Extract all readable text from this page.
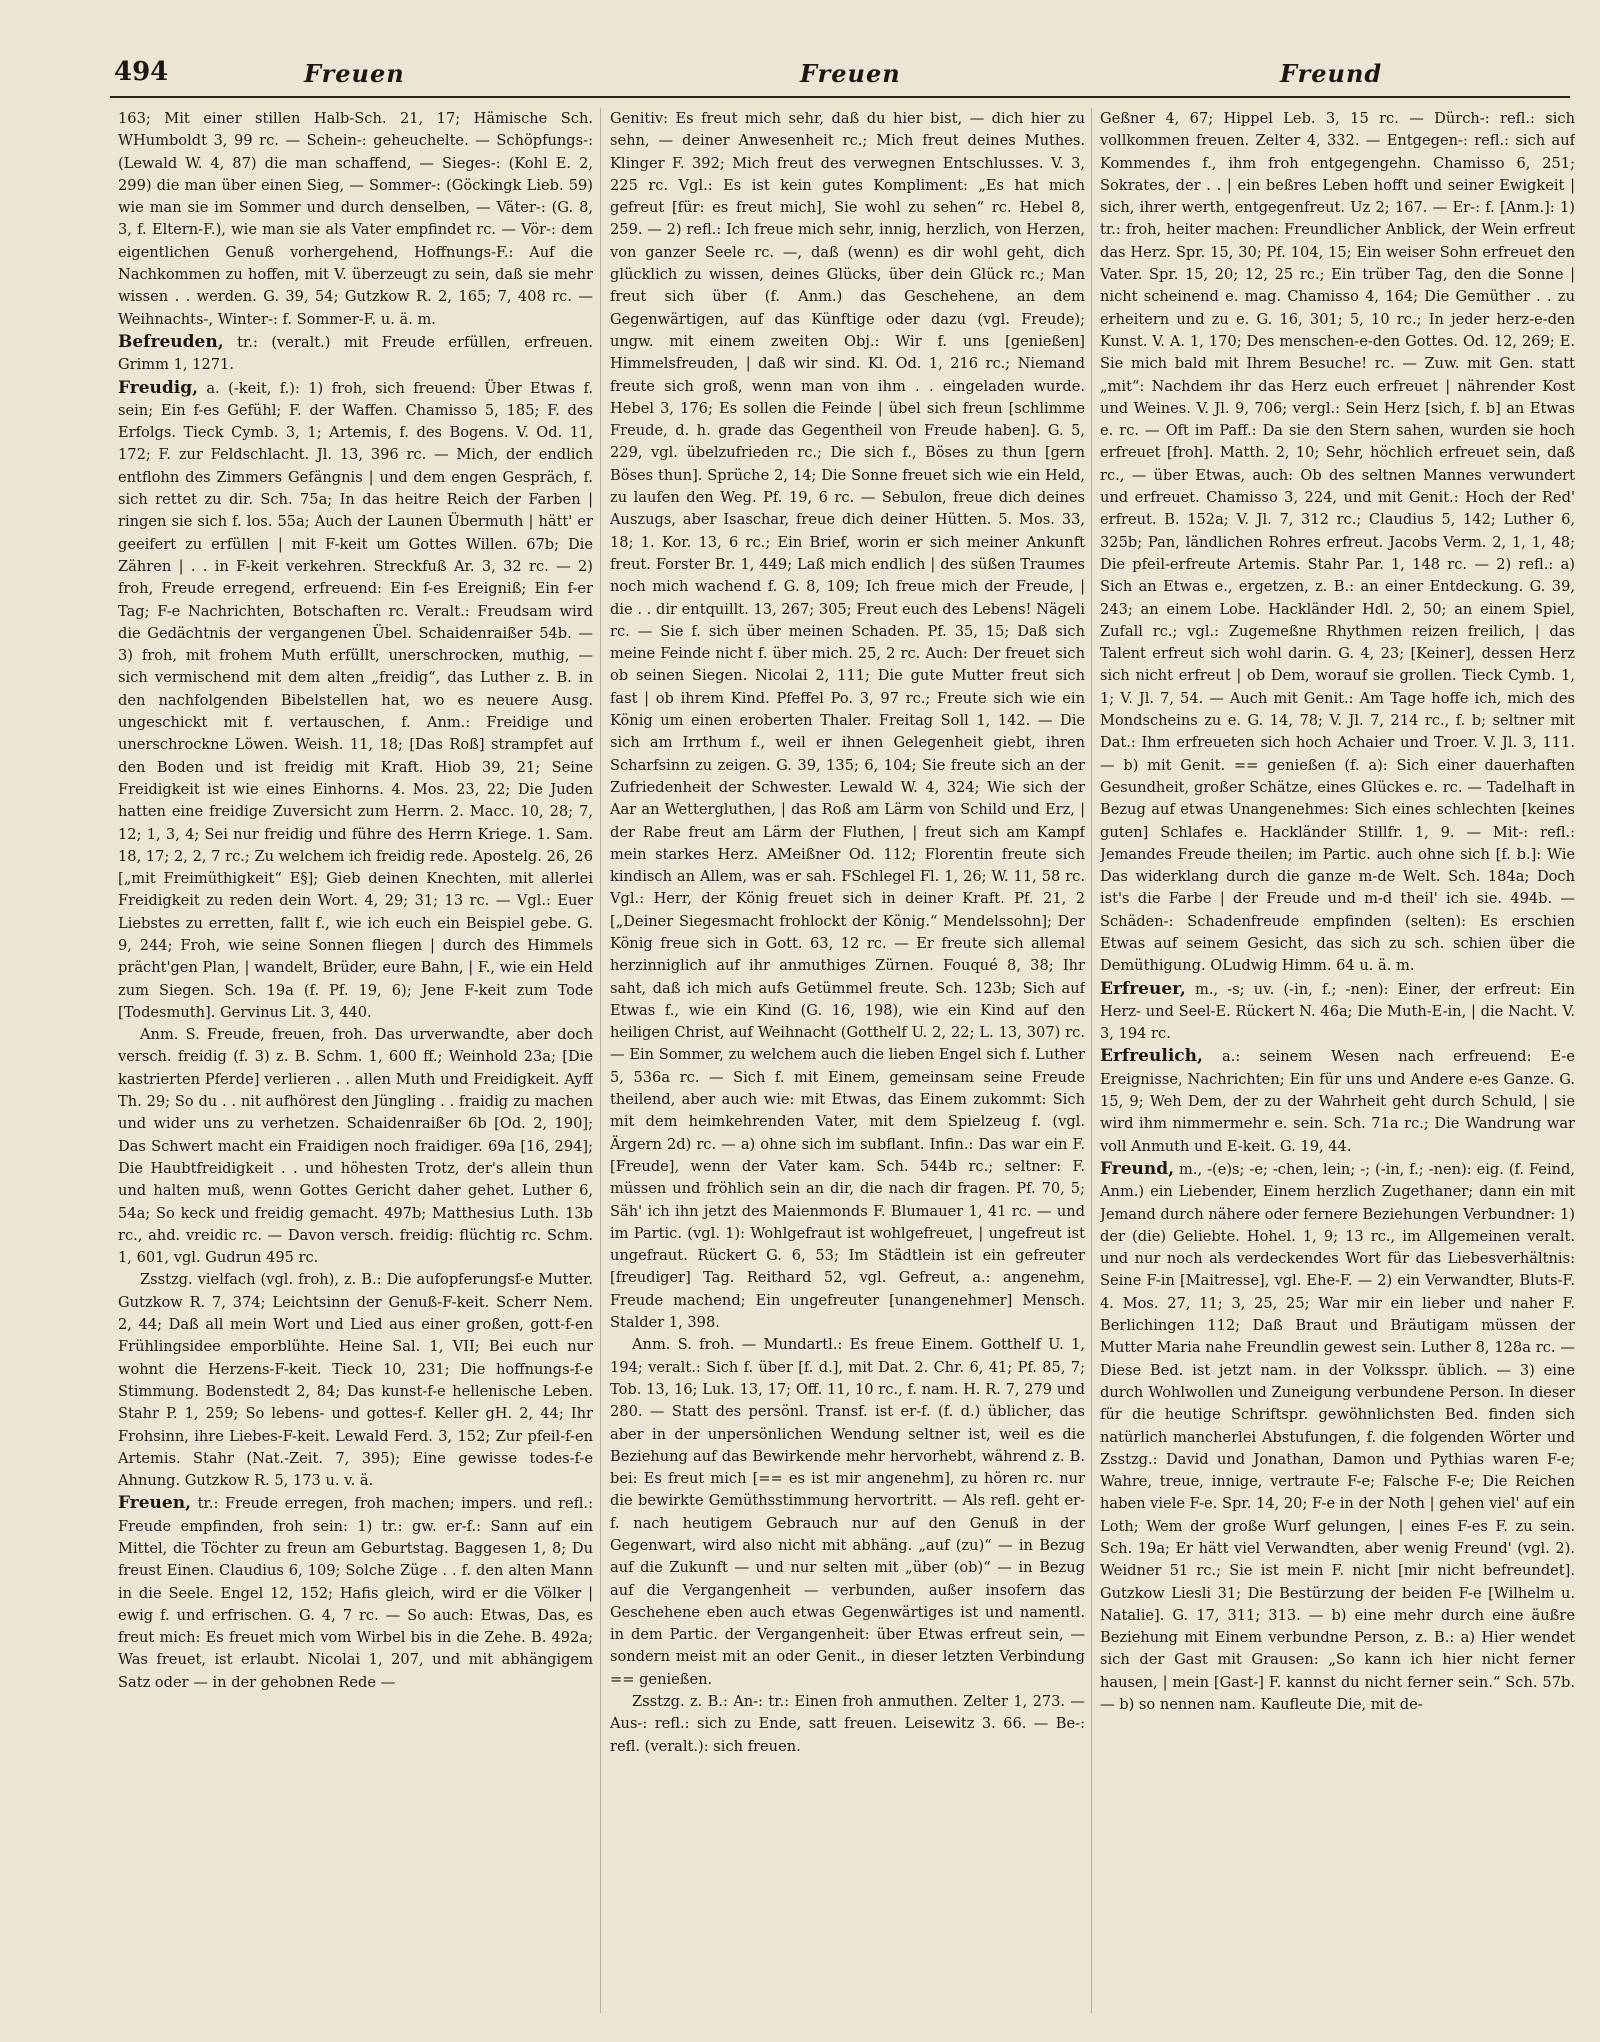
494	Freuen	Freuen	Freund

163; Mit einer stillen Halb-Sch. 21, 17; Hämische Sch. WHumboldt 3, 99 rc. — Schein-: geheuchelte. — Schöpfungs-: (Lewald W. 4, 87) die man schaffend, — Sieges-: (Kohl E. 2, 299) die man über einen Sieg, — Sommer-: (Göckingk Lieb. 59) wie man sie im Sommer und durch denselben, — Väter-: (G. 8, 3, f. Eltern-F.), wie man sie als Vater empfindet rc. — Vör-: dem eigentlichen Genuß vorhergehend, Hoffnungs-F.: Auf die Nachkommen zu hoffen, mit V. überzeugt zu sein, daß sie mehr wissen . . werden. G. 39, 54; Gutzkow R. 2, 165; 7, 408 rc. — Weihnachts-, Winter-: f. Sommer-F. u. ä. m.

Befreuden, tr.: (veralt.) mit Freude erfüllen, erfreuen. Grimm 1, 1271.

Freudig, a. (-keit, f.): 1) froh, sich freuend: Über Etwas f. sein; Ein f-es Gefühl; F. der Waffen. Chamisso 5, 185; F. des Erfolgs. Tieck Cymb. 3, 1; Artemis, f. des Bogens. V. Od. 11, 172; F. zur Feldschlacht. Jl. 13, 396 rc. — Mich, der endlich entflohn des Zimmers Gefängnis | und dem engen Gespräch, f. sich rettet zu dir. Sch. 75a; In das heitre Reich der Farben | ringen sie sich f. los. 55a; Auch der Launen Übermuth | hätt' er geeifert zu erfüllen | mit F-keit um Gottes Willen. 67b; Die Zähren | . . in F-keit verkehren. Streckfuß Ar. 3, 32 rc. — 2) froh, Freude erregend, erfreuend: Ein f-es Ereigniß; Ein f-er Tag; F-e Nachrichten, Botschaften rc. Veralt.: Freudsam wird die Gedächtnis der vergangenen Übel. Schaidenraißer 54b. — 3) froh, mit frohem Muth erfüllt, unerschrocken, muthig, — sich vermischend mit dem alten „freidig“, das Luther z. B. in den nachfolgenden Bibelstellen hat, wo es neuere Ausg. ungeschickt mit f. vertauschen, f. Anm.: Freidige und unerschrockne Löwen. Weish. 11, 18; [Das Roß] strampfet auf den Boden und ist freidig mit Kraft. Hiob 39, 21; Seine Freidigkeit ist wie eines Einhorns. 4. Mos. 23, 22; Die Juden hatten eine freidige Zuversicht zum Herrn. 2. Macc. 10, 28; 7, 12; 1, 3, 4; Sei nur freidig und führe des Herrn Kriege. 1. Sam. 18, 17; 2, 2, 7 rc.; Zu welchem ich freidig rede. Apostelg. 26, 26 [„mit Freimüthigkeit“ E§]; Gieb deinen Knechten, mit allerlei Freidigkeit zu reden dein Wort. 4, 29; 31; 13 rc. — Vgl.: Euer Liebstes zu erretten, fallt f., wie ich euch ein Beispiel gebe. G. 9, 244; Froh, wie seine Sonnen fliegen | durch des Himmels prächt'gen Plan, | wandelt, Brüder, eure Bahn, | F., wie ein Held zum Siegen. Sch. 19a (f. Pf. 19, 6); Jene F-keit zum Tode [Todesmuth]. Gervinus Lit. 3, 440.

Anm. S. Freude, freuen, froh. Das urverwandte, aber doch versch. freidig (f. 3) z. B. Schm. 1, 600 ff.; Weinhold 23a; [Die kastrierten Pferde] verlieren . . allen Muth und Freidigkeit. Ayff Th. 29; So du . . nit aufhörest den Jüngling . . fraidig zu machen und wider uns zu verhetzen. Schaidenraißer 6b [Od. 2, 190]; Das Schwert macht ein Fraidigen noch fraidiger. 69a [16, 294]; Die Haubtfreidigkeit . . und höhesten Trotz, der's allein thun und halten muß, wenn Gottes Gericht daher gehet. Luther 6, 54a; So keck und freidig gemacht. 497b; Matthesius Luth. 13b rc., ahd. vreidic rc. — Davon versch. freidig: flüchtig rc. Schm. 1, 601, vgl. Gudrun 495 rc.

Zsstzg. vielfach (vgl. froh), z. B.: Die aufopferungsf-e Mutter. Gutzkow R. 7, 374; Leichtsinn der Genuß-F-keit. Scherr Nem. 2, 44; Daß all mein Wort und Lied aus einer großen, gott-f-en Frühlingsidee emporblühte. Heine Sal. 1, VII; Bei euch nur wohnt die Herzens-F-keit. Tieck 10, 231; Die hoffnungs-f-e Stimmung. Bodenstedt 2, 84; Das kunst-f-e hellenische Leben. Stahr P. 1, 259; So lebens- und gottes-f. Keller gH. 2, 44; Ihr Frohsinn, ihre Liebes-F-keit. Lewald Ferd. 3, 152; Zur pfeil-f-en Artemis. Stahr (Nat.-Zeit. 7, 395); Eine gewisse todes-f-e Ahnung. Gutzkow R. 5, 173 u. v. ä.

Freuen, tr.: Freude erregen, froh machen; impers. und refl.: Freude empfinden, froh sein: 1) tr.: gw. er-f.: Sann auf ein Mittel, die Töchter zu freun am Geburtstag. Baggesen 1, 8; Du freust Einen. Claudius 6, 109; Solche Züge . . f. den alten Mann in die Seele. Engel 12, 152; Hafis gleich, wird er die Völker | ewig f. und erfrischen. G. 4, 7 rc. — So auch: Etwas, Das, es freut mich: Es freuet mich vom Wirbel bis in die Zehe. B. 492a; Was freuet, ist erlaubt. Nicolai 1, 207, und mit abhängigem Satz oder — in der gehobnen Rede —

Genitiv: Es freut mich sehr, daß du hier bist, — dich hier zu sehn, — deiner Anwesenheit rc.; Mich freut deines Muthes. Klinger F. 392; Mich freut des verwegnen Entschlusses. V. 3, 225 rc. Vgl.: Es ist kein gutes Kompliment: „Es hat mich gefreut [für: es freut mich], Sie wohl zu sehen“ rc. Hebel 8, 259. — 2) refl.: Ich freue mich sehr, innig, herzlich, von Herzen, von ganzer Seele rc. —, daß (wenn) es dir wohl geht, dich glücklich zu wissen, deines Glücks, über dein Glück rc.; Man freut sich über (f. Anm.) das Geschehene, an dem Gegenwärtigen, auf das Künftige oder dazu (vgl. Freude); ungw. mit einem zweiten Obj.: Wir f. uns [genießen] Himmelsfreuden, | daß wir sind. Kl. Od. 1, 216 rc.; Niemand freute sich groß, wenn man von ihm . . eingeladen wurde. Hebel 3, 176; Es sollen die Feinde | übel sich freun [schlimme Freude, d. h. grade das Gegentheil von Freude haben]. G. 5, 229, vgl. übelzufrieden rc.; Die sich f., Böses zu thun [gern Böses thun]. Sprüche 2, 14; Die Sonne freuet sich wie ein Held, zu laufen den Weg. Pf. 19, 6 rc. — Sebulon, freue dich deines Auszugs, aber Isaschar, freue dich deiner Hütten. 5. Mos. 33, 18; 1. Kor. 13, 6 rc.; Ein Brief, worin er sich meiner Ankunft freut. Forster Br. 1, 449; Laß mich endlich | des süßen Traumes noch mich wachend f. G. 8, 109; Ich freue mich der Freude, | die . . dir entquillt. 13, 267; 305; Freut euch des Lebens! Nägeli rc. — Sie f. sich über meinen Schaden. Pf. 35, 15; Daß sich meine Feinde nicht f. über mich. 25, 2 rc. Auch: Der freuet sich ob seinen Siegen. Nicolai 2, 111; Die gute Mutter freut sich fast | ob ihrem Kind. Pfeffel Po. 3, 97 rc.; Freute sich wie ein König um einen eroberten Thaler. Freitag Soll 1, 142. — Die sich am Irrthum f., weil er ihnen Gelegenheit giebt, ihren Scharfsinn zu zeigen. G. 39, 135; 6, 104; Sie freute sich an der Zufriedenheit der Schwester. Lewald W. 4, 324; Wie sich der Aar an Wettergluthen, | das Roß am Lärm von Schild und Erz, | der Rabe freut am Lärm der Fluthen, | freut sich am Kampf mein starkes Herz. AMeißner Od. 112; Florentin freute sich kindisch an Allem, was er sah. FSchlegel Fl. 1, 26; W. 11, 58 rc. Vgl.: Herr, der König freuet sich in deiner Kraft. Pf. 21, 2 [„Deiner Siegesmacht frohlockt der König.“ Mendelssohn]; Der König freue sich in Gott. 63, 12 rc. — Er freute sich allemal herzinniglich auf ihr anmuthiges Zürnen. Fouqué 8, 38; Ihr saht, daß ich mich aufs Getümmel freute. Sch. 123b; Sich auf Etwas f., wie ein Kind (G. 16, 198), wie ein Kind auf den heiligen Christ, auf Weihnacht (Gotthelf U. 2, 22; L. 13, 307) rc. — Ein Sommer, zu welchem auch die lieben Engel sich f. Luther 5, 536a rc. — Sich f. mit Einem, gemeinsam seine Freude theilend, aber auch wie: mit Etwas, das Einem zukommt: Sich mit dem heimkehrenden Vater, mit dem Spielzeug f. (vgl. Ärgern 2d) rc. — a) ohne sich im subflant. Infin.: Das war ein F. [Freude], wenn der Vater kam. Sch. 544b rc.; seltner: F. müssen und fröhlich sein an dir, die nach dir fragen. Pf. 70, 5; Säh' ich ihn jetzt des Maienmonds F. Blumauer 1, 41 rc. — und im Partic. (vgl. 1): Wohlgefraut ist wohlgefreuet, | ungefreut ist ungefraut. Rückert G. 6, 53; Im Städtlein ist ein gefreuter [freudiger] Tag. Reithard 52, vgl. Gefreut, a.: angenehm, Freude machend; Ein ungefreuter [unangenehmer] Mensch. Stalder 1, 398.

Anm. S. froh. — Mundartl.: Es freue Einem. Gotthelf U. 1, 194; veralt.: Sich f. über [f. d.], mit Dat. 2. Chr. 6, 41; Pf. 85, 7; Tob. 13, 16; Luk. 13, 17; Off. 11, 10 rc., f. nam. H. R. 7, 279 und 280. — Statt des persönl. Transf. ist er-f. (f. d.) üblicher, das aber in der unpersönlichen Wendung seltner ist, weil es die Beziehung auf das Bewirkende mehr hervorhebt, während z. B. bei: Es freut mich [== es ist mir angenehm], zu hören rc. nur die bewirkte Gemüthsstimmung hervortritt. — Als refl. geht er-f. nach heutigem Gebrauch nur auf den Genuß in der Gegenwart, wird also nicht mit abhäng. „auf (zu)“ — in Bezug auf die Zukunft — und nur selten mit „über (ob)“ — in Bezug auf die Vergangenheit — verbunden, außer insofern das Geschehene eben auch etwas Gegenwärtiges ist und namentl. in dem Partic. der Vergangenheit: über Etwas erfreut sein, — sondern meist mit an oder Genit., in dieser letzten Verbindung == genießen.

Zsstzg. z. B.: An-: tr.: Einen froh anmuthen. Zelter 1, 273. — Aus-: refl.: sich zu Ende, satt freuen. Leisewitz 3. 66. — Be-: refl. (veralt.): sich freuen.

Geßner 4, 67; Hippel Leb. 3, 15 rc. — Dürch-: refl.: sich vollkommen freuen. Zelter 4, 332. — Entgegen-: refl.: sich auf Kommendes f., ihm froh entgegengehn. Chamisso 6, 251; Sokrates, der . . | ein beßres Leben hofft und seiner Ewigkeit | sich, ihrer werth, entgegenfreut. Uz 2; 167. — Er-: f. [Anm.]: 1) tr.: froh, heiter machen: Freundlicher Anblick, der Wein erfreut das Herz. Spr. 15, 30; Pf. 104, 15; Ein weiser Sohn erfreuet den Vater. Spr. 15, 20; 12, 25 rc.; Ein trüber Tag, den die Sonne | nicht scheinend e. mag. Chamisso 4, 164; Die Gemüther . . zu erheitern und zu e. G. 16, 301; 5, 10 rc.; In jeder herz-e-den Kunst. V. A. 1, 170; Des menschen-e-den Gottes. Od. 12, 269; E. Sie mich bald mit Ihrem Besuche! rc. — Zuw. mit Gen. statt „mit“: Nachdem ihr das Herz euch erfreuet | nährender Kost und Weines. V. Jl. 9, 706; vergl.: Sein Herz [sich, f. b] an Etwas e. rc. — Oft im Paff.: Da sie den Stern sahen, wurden sie hoch erfreuet [froh]. Matth. 2, 10; Sehr, höchlich erfreuet sein, daß rc., — über Etwas, auch: Ob des seltnen Mannes verwundert und erfreuet. Chamisso 3, 224, und mit Genit.: Hoch der Red' erfreut. B. 152a; V. Jl. 7, 312 rc.; Claudius 5, 142; Luther 6, 325b; Pan, ländlichen Rohres erfreut. Jacobs Verm. 2, 1, 1, 48; Die pfeil-erfreute Artemis. Stahr Par. 1, 148 rc. — 2) refl.: a) Sich an Etwas e., ergetzen, z. B.: an einer Entdeckung. G. 39, 243; an einem Lobe. Hackländer Hdl. 2, 50; an einem Spiel, Zufall rc.; vgl.: Zugemeßne Rhythmen reizen freilich, | das Talent erfreut sich wohl darin. G. 4, 23; [Keiner], dessen Herz sich nicht erfreut | ob Dem, worauf sie grollen. Tieck Cymb. 1, 1; V. Jl. 7, 54. — Auch mit Genit.: Am Tage hoffe ich, mich des Mondscheins zu e. G. 14, 78; V. Jl. 7, 214 rc., f. b; seltner mit Dat.: Ihm erfreueten sich hoch Achaier und Troer. V. Jl. 3, 111. — b) mit Genit. == genießen (f. a): Sich einer dauerhaften Gesundheit, großer Schätze, eines Glückes e. rc. — Tadelhaft in Bezug auf etwas Unangenehmes: Sich eines schlechten [keines guten] Schlafes e. Hackländer Stillfr. 1, 9. — Mit-: refl.: Jemandes Freude theilen; im Partic. auch ohne sich [f. b.]: Wie Das widerklang durch die ganze m-de Welt. Sch. 184a; Doch ist's die Farbe | der Freude und m-d theil' ich sie. 494b. — Schäden-: Schadenfreude empfinden (selten): Es erschien Etwas auf seinem Gesicht, das sich zu sch. schien über die Demüthigung. OLudwig Himm. 64 u. ä. m.

Erfreuer, m., -s; uv. (-in, f.; -nen): Einer, der erfreut: Ein Herz- und Seel-E. Rückert N. 46a; Die Muth-E-in, | die Nacht. V. 3, 194 rc.

Erfreulich, a.: seinem Wesen nach erfreuend: E-e Ereignisse, Nachrichten; Ein für uns und Andere e-es Ganze. G. 15, 9; Weh Dem, der zu der Wahrheit geht durch Schuld, | sie wird ihm nimmermehr e. sein. Sch. 71a rc.; Die Wandrung war voll Anmuth und E-keit. G. 19, 44.

Freund, m., -(e)s; -e; -chen, lein; -; (-in, f.; -nen): eig. (f. Feind, Anm.) ein Liebender, Einem herzlich Zugethaner; dann ein mit Jemand durch nähere oder fernere Beziehungen Verbundner: 1) der (die) Geliebte. Hohel. 1, 9; 13 rc., im Allgemeinen veralt. und nur noch als verdeckendes Wort für das Liebesverhältnis: Seine F-in [Maitresse], vgl. Ehe-F. — 2) ein Verwandter, Bluts-F. 4. Mos. 27, 11; 3, 25, 25; War mir ein lieber und naher F. Berlichingen 112; Daß Braut und Bräutigam müssen der Mutter Maria nahe Freundlin gewest sein. Luther 8, 128a rc. — Diese Bed. ist jetzt nam. in der Volksspr. üblich. — 3) eine durch Wohlwollen und Zuneigung verbundene Person. In dieser für die heutige Schriftspr. gewöhnlichsten Bed. finden sich natürlich mancherlei Abstufungen, f. die folgenden Wörter und Zsstzg.: David und Jonathan, Damon und Pythias waren F-e; Wahre, treue, innige, vertraute F-e; Falsche F-e; Die Reichen haben viele F-e. Spr. 14, 20; F-e in der Noth | gehen viel' auf ein Loth; Wem der große Wurf gelungen, | eines F-es F. zu sein. Sch. 19a; Er hätt viel Verwandten, aber wenig Freund' (vgl. 2). Weidner 51 rc.; Sie ist mein F. nicht [mir nicht befreundet]. Gutzkow Liesli 31; Die Bestürzung der beiden F-e [Wilhelm u. Natalie]. G. 17, 311; 313. — b) eine mehr durch eine äußre Beziehung mit Einem verbundne Person, z. B.: a) Hier wendet sich der Gast mit Grausen: „So kann ich hier nicht ferner hausen, | mein [Gast-] F. kannst du nicht ferner sein.“ Sch. 57b. — b) so nennen nam. Kaufleute Die, mit de-
